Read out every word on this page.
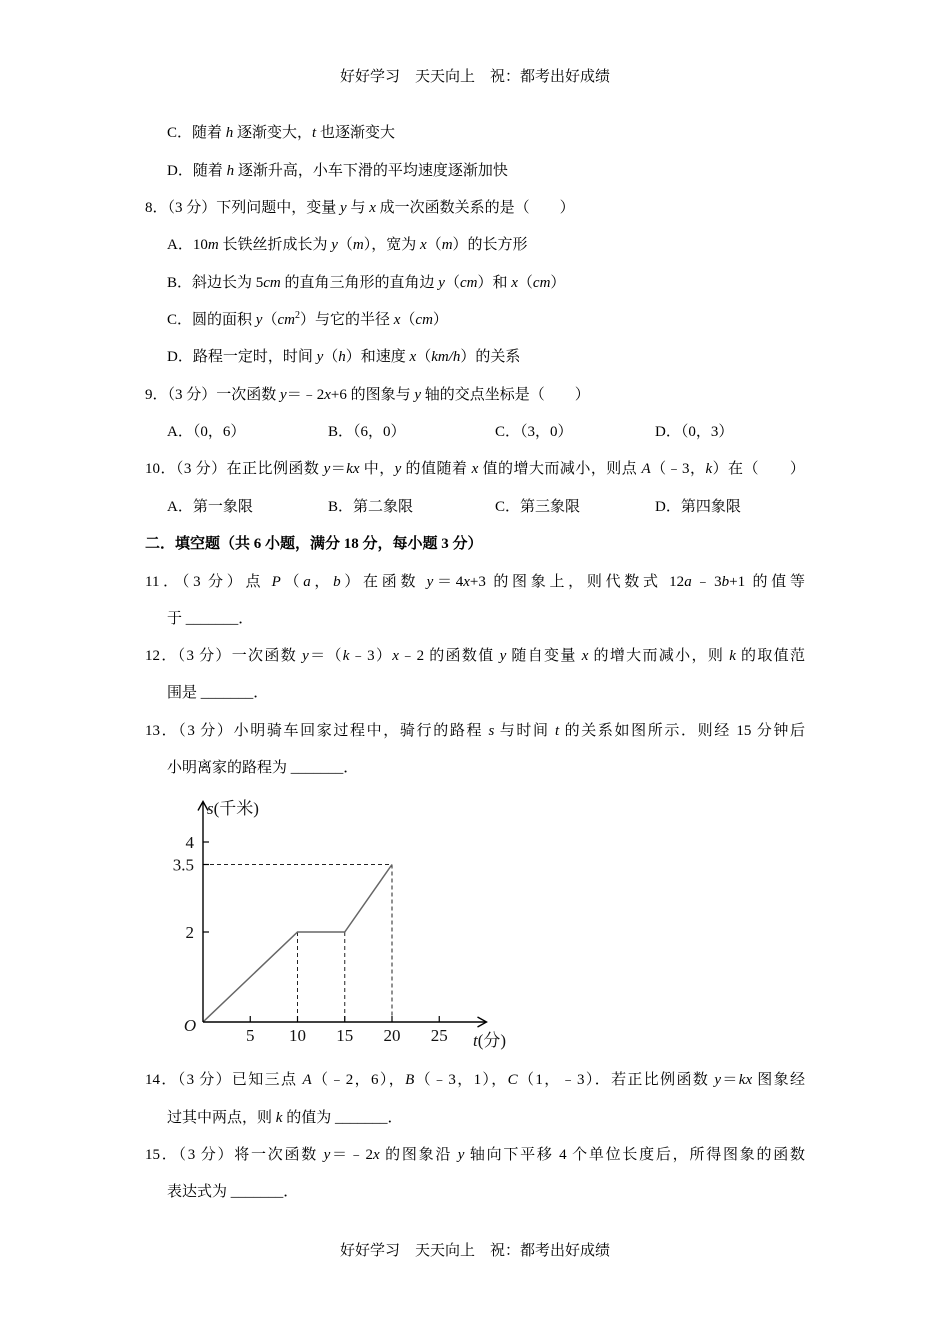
好好学习　天天向上　祝：都考出好成绩
C．随着 h 逐渐变大，t 也逐渐变大
D．随着 h 逐渐升高，小车下滑的平均速度逐渐加快
8．（3 分）下列问题中，变量 y 与 x 成一次函数关系的是（　　）
A．10m 长铁丝折成长为 y（m），宽为 x（m）的长方形
B．斜边长为 5cm 的直角三角形的直角边 y（cm）和 x（cm）
C．圆的面积 $y(cm^2)$与它的半径 x（cm）
D．路程一定时，时间 y（h）和速度 x（km/h）的关系
9．（3 分）一次函数 y＝﹣2x+6 的图象与 y 轴的交点坐标是（　　）
A．（0，6）	B．（6，0）	C．（3，0）	D．（0，3）
10．（3 分）在正比例函数 y＝kx 中，y 的值随着 x 值的增大而减小，则点 A（﹣3，k）在（　　）
A．第一象限	B．第二象限	C．第三象限	D．第四象限
二．填空题（共 6 小题，满分 18 分，每小题 3 分）
11．（3 分）点 P（a，b）在函数 y＝4x+3 的图象上，则代数式 12a﹣3b+1 的值等
于 _______．
12．（3 分）一次函数 y＝（k﹣3）x﹣2 的函数值 y 随自变量 x 的增大而减小，则 k 的取值范
围是 _______．
13．（3 分）小明骑车回家过程中，骑行的路程 s 与时间 t 的关系如图所示．则经 15 分钟后
小明离家的路程为 _______．
s(千米)
t(分)
O
5 10 15 20 25
2
3.5
4
14．（3 分）已知三点 A（﹣2，6），B（﹣3，1），C（1，﹣3）．若正比例函数 y＝kx 图象经
过其中两点，则 k 的值为 _______．
15．（3 分）将一次函数 y＝﹣2x 的图象沿 y 轴向下平移 4 个单位长度后，所得图象的函数
表达式为 _______．
好好学习　天天向上　祝：都考出好成绩
